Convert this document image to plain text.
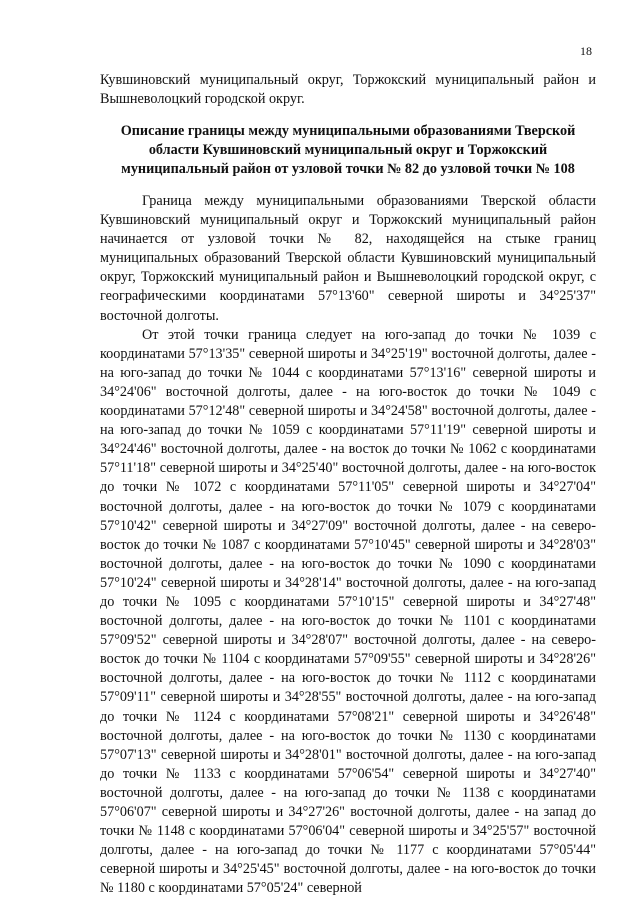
18
Кувшиновский муниципальный округ, Торжокский муниципальный район и Вышневолоцкий городской округ.
Описание границы между муниципальными образованиями Тверской области Кувшиновский муниципальный округ и Торжокский муниципальный район от узловой точки № 82 до узловой точки № 108

Граница между муниципальными образованиями Тверской области Кувшиновский муниципальный округ и Торжокский муниципальный район начинается от узловой точки № 82, находящейся на стыке границ муниципальных образований Тверской области Кувшиновский муниципальный округ, Торжокский муниципальный район и Вышневолоцкий городской округ, с географическими координатами 57°13'60" северной широты и 34°25'37" восточной долготы.

От этой точки граница следует на юго-запад до точки № 1039 с координатами 57°13'35" северной широты и 34°25'19" восточной долготы, далее - на юго-запад до точки № 1044 с координатами 57°13'16" северной широты и 34°24'06" восточной долготы, далее - на юго-восток до точки № 1049 с координатами 57°12'48" северной широты и 34°24'58" восточной долготы, далее - на юго-запад до точки № 1059 с координатами 57°11'19" северной широты и 34°24'46" восточной долготы, далее - на восток до точки № 1062 с координатами 57°11'18" северной широты и 34°25'40" восточной долготы, далее - на юго-восток до точки № 1072 с координатами 57°11'05" северной широты и 34°27'04" восточной долготы, далее - на юго-восток до точки № 1079 с координатами 57°10'42" северной широты и 34°27'09" восточной долготы, далее - на северо-восток до точки № 1087 с координатами 57°10'45" северной широты и 34°28'03" восточной долготы, далее - на юго-восток до точки № 1090 с координатами 57°10'24" северной широты и 34°28'14" восточной долготы, далее - на юго-запад до точки № 1095 с координатами 57°10'15" северной широты и 34°27'48" восточной долготы, далее - на юго-восток до точки № 1101 с координатами 57°09'52" северной широты и 34°28'07" восточной долготы, далее - на северо-восток до точки № 1104 с координатами 57°09'55" северной широты и 34°28'26" восточной долготы, далее - на юго-восток до точки № 1112 с координатами 57°09'11" северной широты и 34°28'55" восточной долготы, далее - на юго-запад до точки № 1124 с координатами 57°08'21" северной широты и 34°26'48" восточной долготы, далее - на юго-восток до точки № 1130 с координатами 57°07'13" северной широты и 34°28'01" восточной долготы, далее - на юго-запад до точки № 1133 с координатами 57°06'54" северной широты и 34°27'40" восточной долготы, далее - на юго-запад до точки № 1138 с координатами 57°06'07" северной широты и 34°27'26" восточной долготы, далее - на запад до точки № 1148 с координатами 57°06'04" северной широты и 34°25'57" восточной долготы, далее - на юго-запад до точки № 1177 с координатами 57°05'44" северной широты и 34°25'45" восточной долготы, далее - на юго-восток до точки № 1180 с координатами 57°05'24" северной
